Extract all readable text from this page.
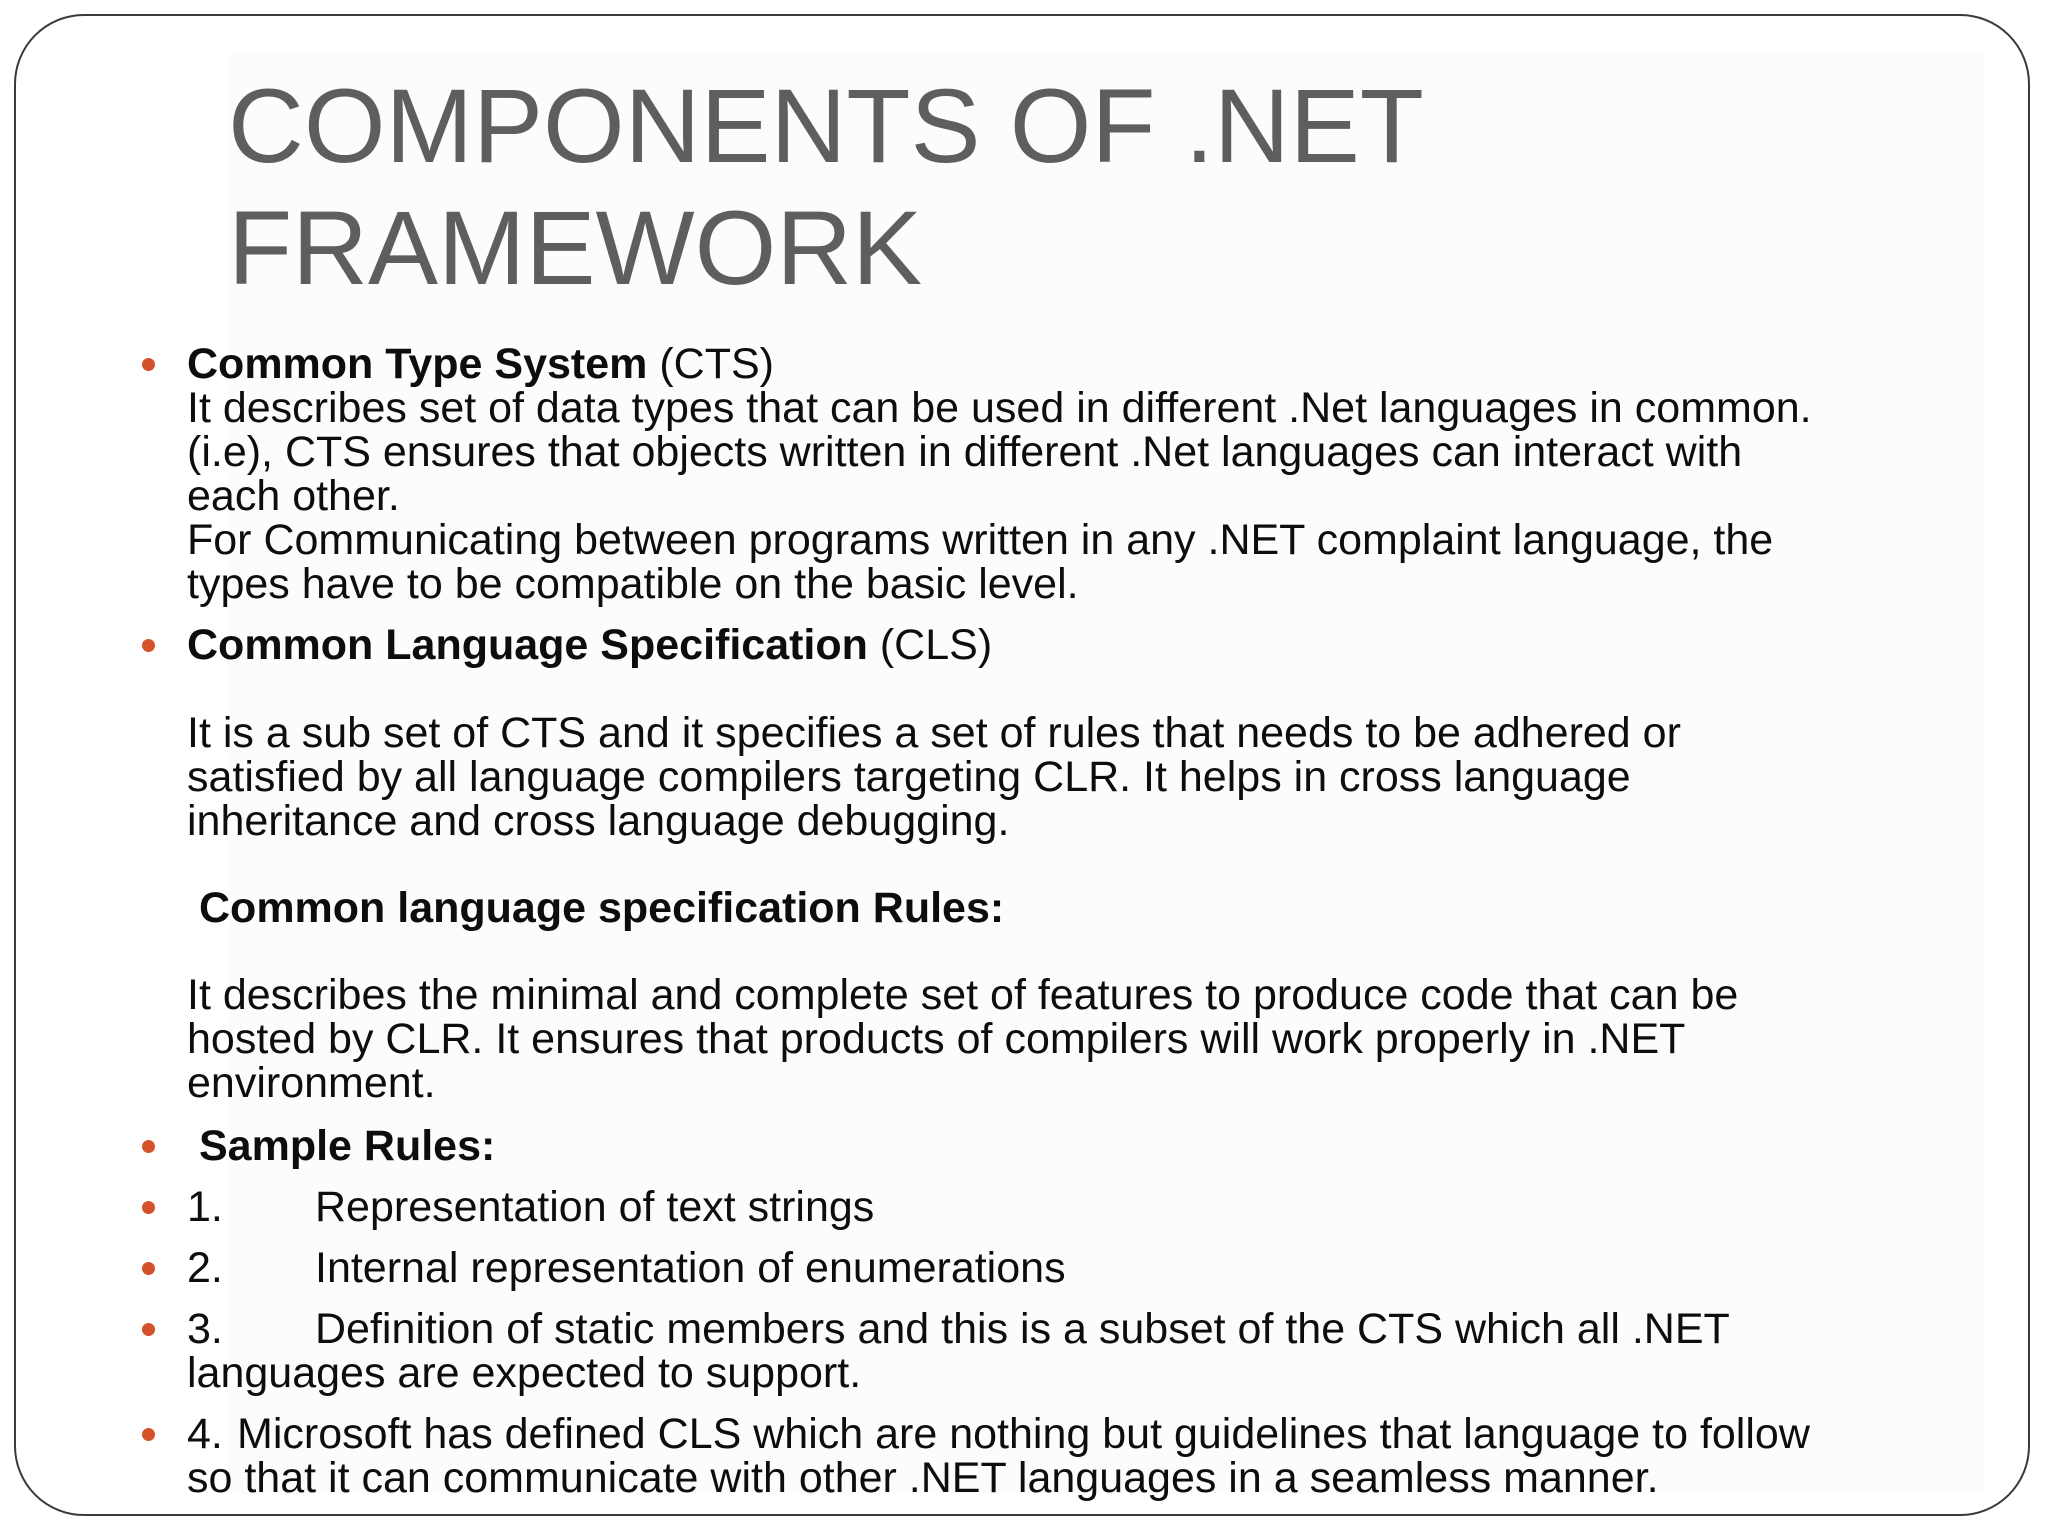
COMPONENTS OF .NET
FRAMEWORK
Common Type System (CTS)
It describes set of data types that can be used in different .Net languages in common.
(i.e), CTS ensures that objects written in different .Net languages can interact with
each other.
For Communicating between programs written in any .NET complaint language, the
types have to be compatible on the basic level.
Common Language Specification (CLS)
It is a sub set of CTS and it specifies a set of rules that needs to be adhered or
satisfied by all language compilers targeting CLR. It helps in cross language
inheritance and cross language debugging.
Common language specification Rules:
It describes the minimal and complete set of features to produce code that can be
hosted by CLR. It ensures that products of compilers will work properly in .NET
environment.
Sample Rules:
1. Representation of text strings
2. Internal representation of enumerations
3. Definition of static members and this is a subset of the CTS which all .NET
languages are expected to support.
4. Microsoft has defined CLS which are nothing but guidelines that language to follow
so that it can communicate with other .NET languages in a seamless manner.
